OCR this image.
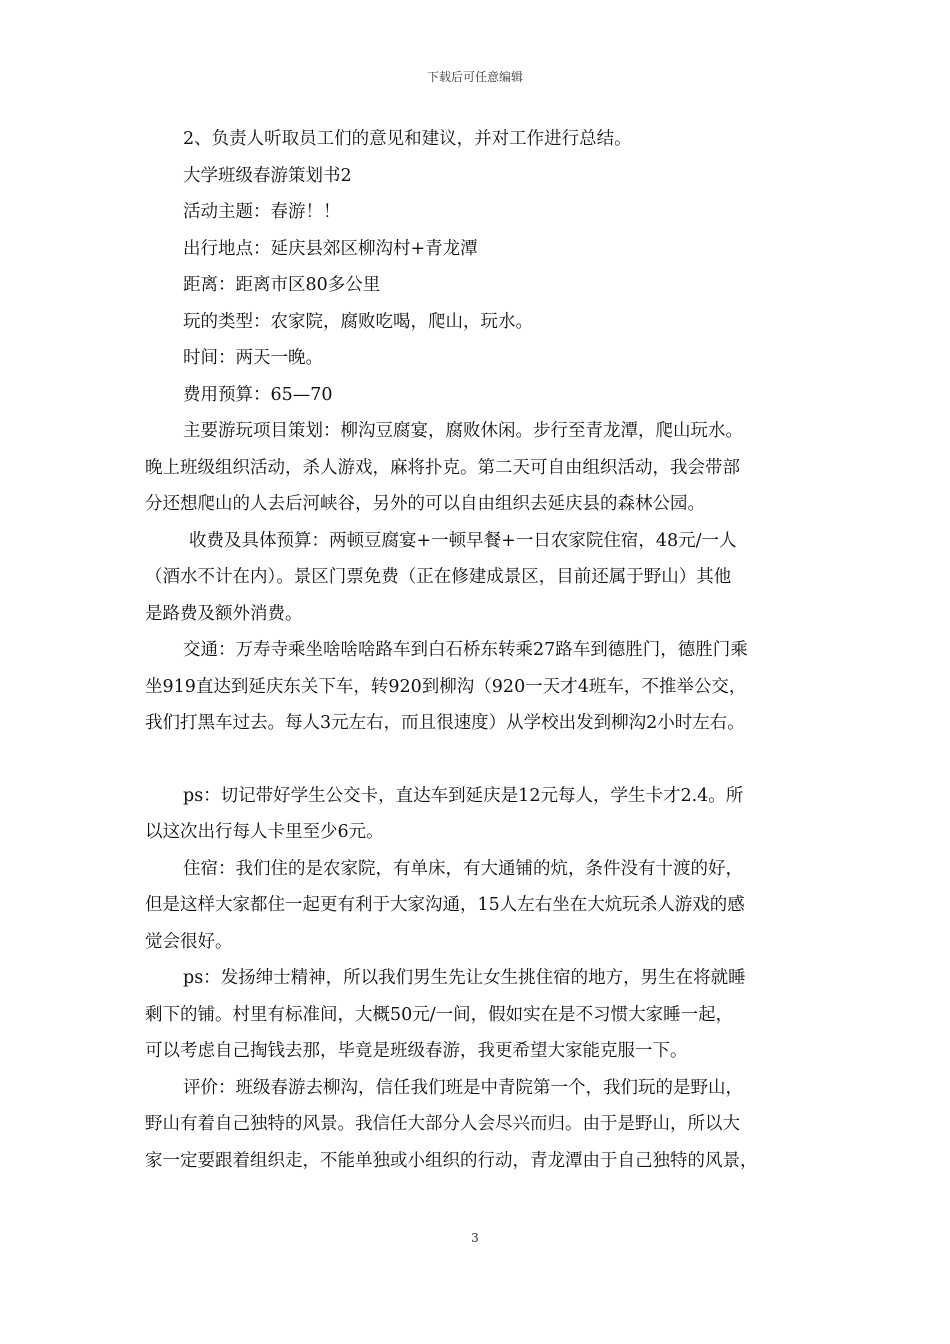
下载后可任意编辑

2、负责人听取员工们的意见和建议，并对工作进行总结。

大学班级春游策划书2

活动主题：春游！！

出行地点：延庆县郊区柳沟村+青龙潭

距离：距离市区80多公里

玩的类型：农家院，腐败吃喝，爬山，玩水。

时间：两天一晚。

费用预算：65—70

主要游玩项目策划：柳沟豆腐宴，腐败休闲。步行至青龙潭，爬山玩水。

晚上班级组织活动，杀人游戏，麻将扑克。第二天可自由组织活动，我会带部

分还想爬山的人去后河峡谷，另外的可以自由组织去延庆县的森林公园。

收费及具体预算：两顿豆腐宴+一顿早餐+一日农家院住宿，48元/一人

（酒水不计在内）。景区门票免费（正在修建成景区，目前还属于野山）其他

是路费及额外消费。

交通：万寿寺乘坐啥啥啥路车到白石桥东转乘27路车到德胜门，德胜门乘

坐919直达到延庆东关下车，转920到柳沟（920一天才4班车，不推举公交，

我们打黑车过去。每人3元左右，而且很速度）从学校出发到柳沟2小时左右。

ps：切记带好学生公交卡，直达车到延庆是12元每人，学生卡才2.4。所

以这次出行每人卡里至少6元。

住宿：我们住的是农家院，有单床，有大通铺的炕，条件没有十渡的好，

但是这样大家都住一起更有利于大家沟通，15人左右坐在大炕玩杀人游戏的感

觉会很好。

ps：发扬绅士精神，所以我们男生先让女生挑住宿的地方，男生在将就睡

剩下的铺。村里有标准间，大概50元/一间，假如实在是不习惯大家睡一起，

可以考虑自己掏钱去那，毕竟是班级春游，我更希望大家能克服一下。

评价：班级春游去柳沟，信任我们班是中青院第一个，我们玩的是野山，

野山有着自己独特的风景。我信任大部分人会尽兴而归。由于是野山，所以大

家一定要跟着组织走，不能单独或小组织的行动，青龙潭由于自己独特的风景，

3
